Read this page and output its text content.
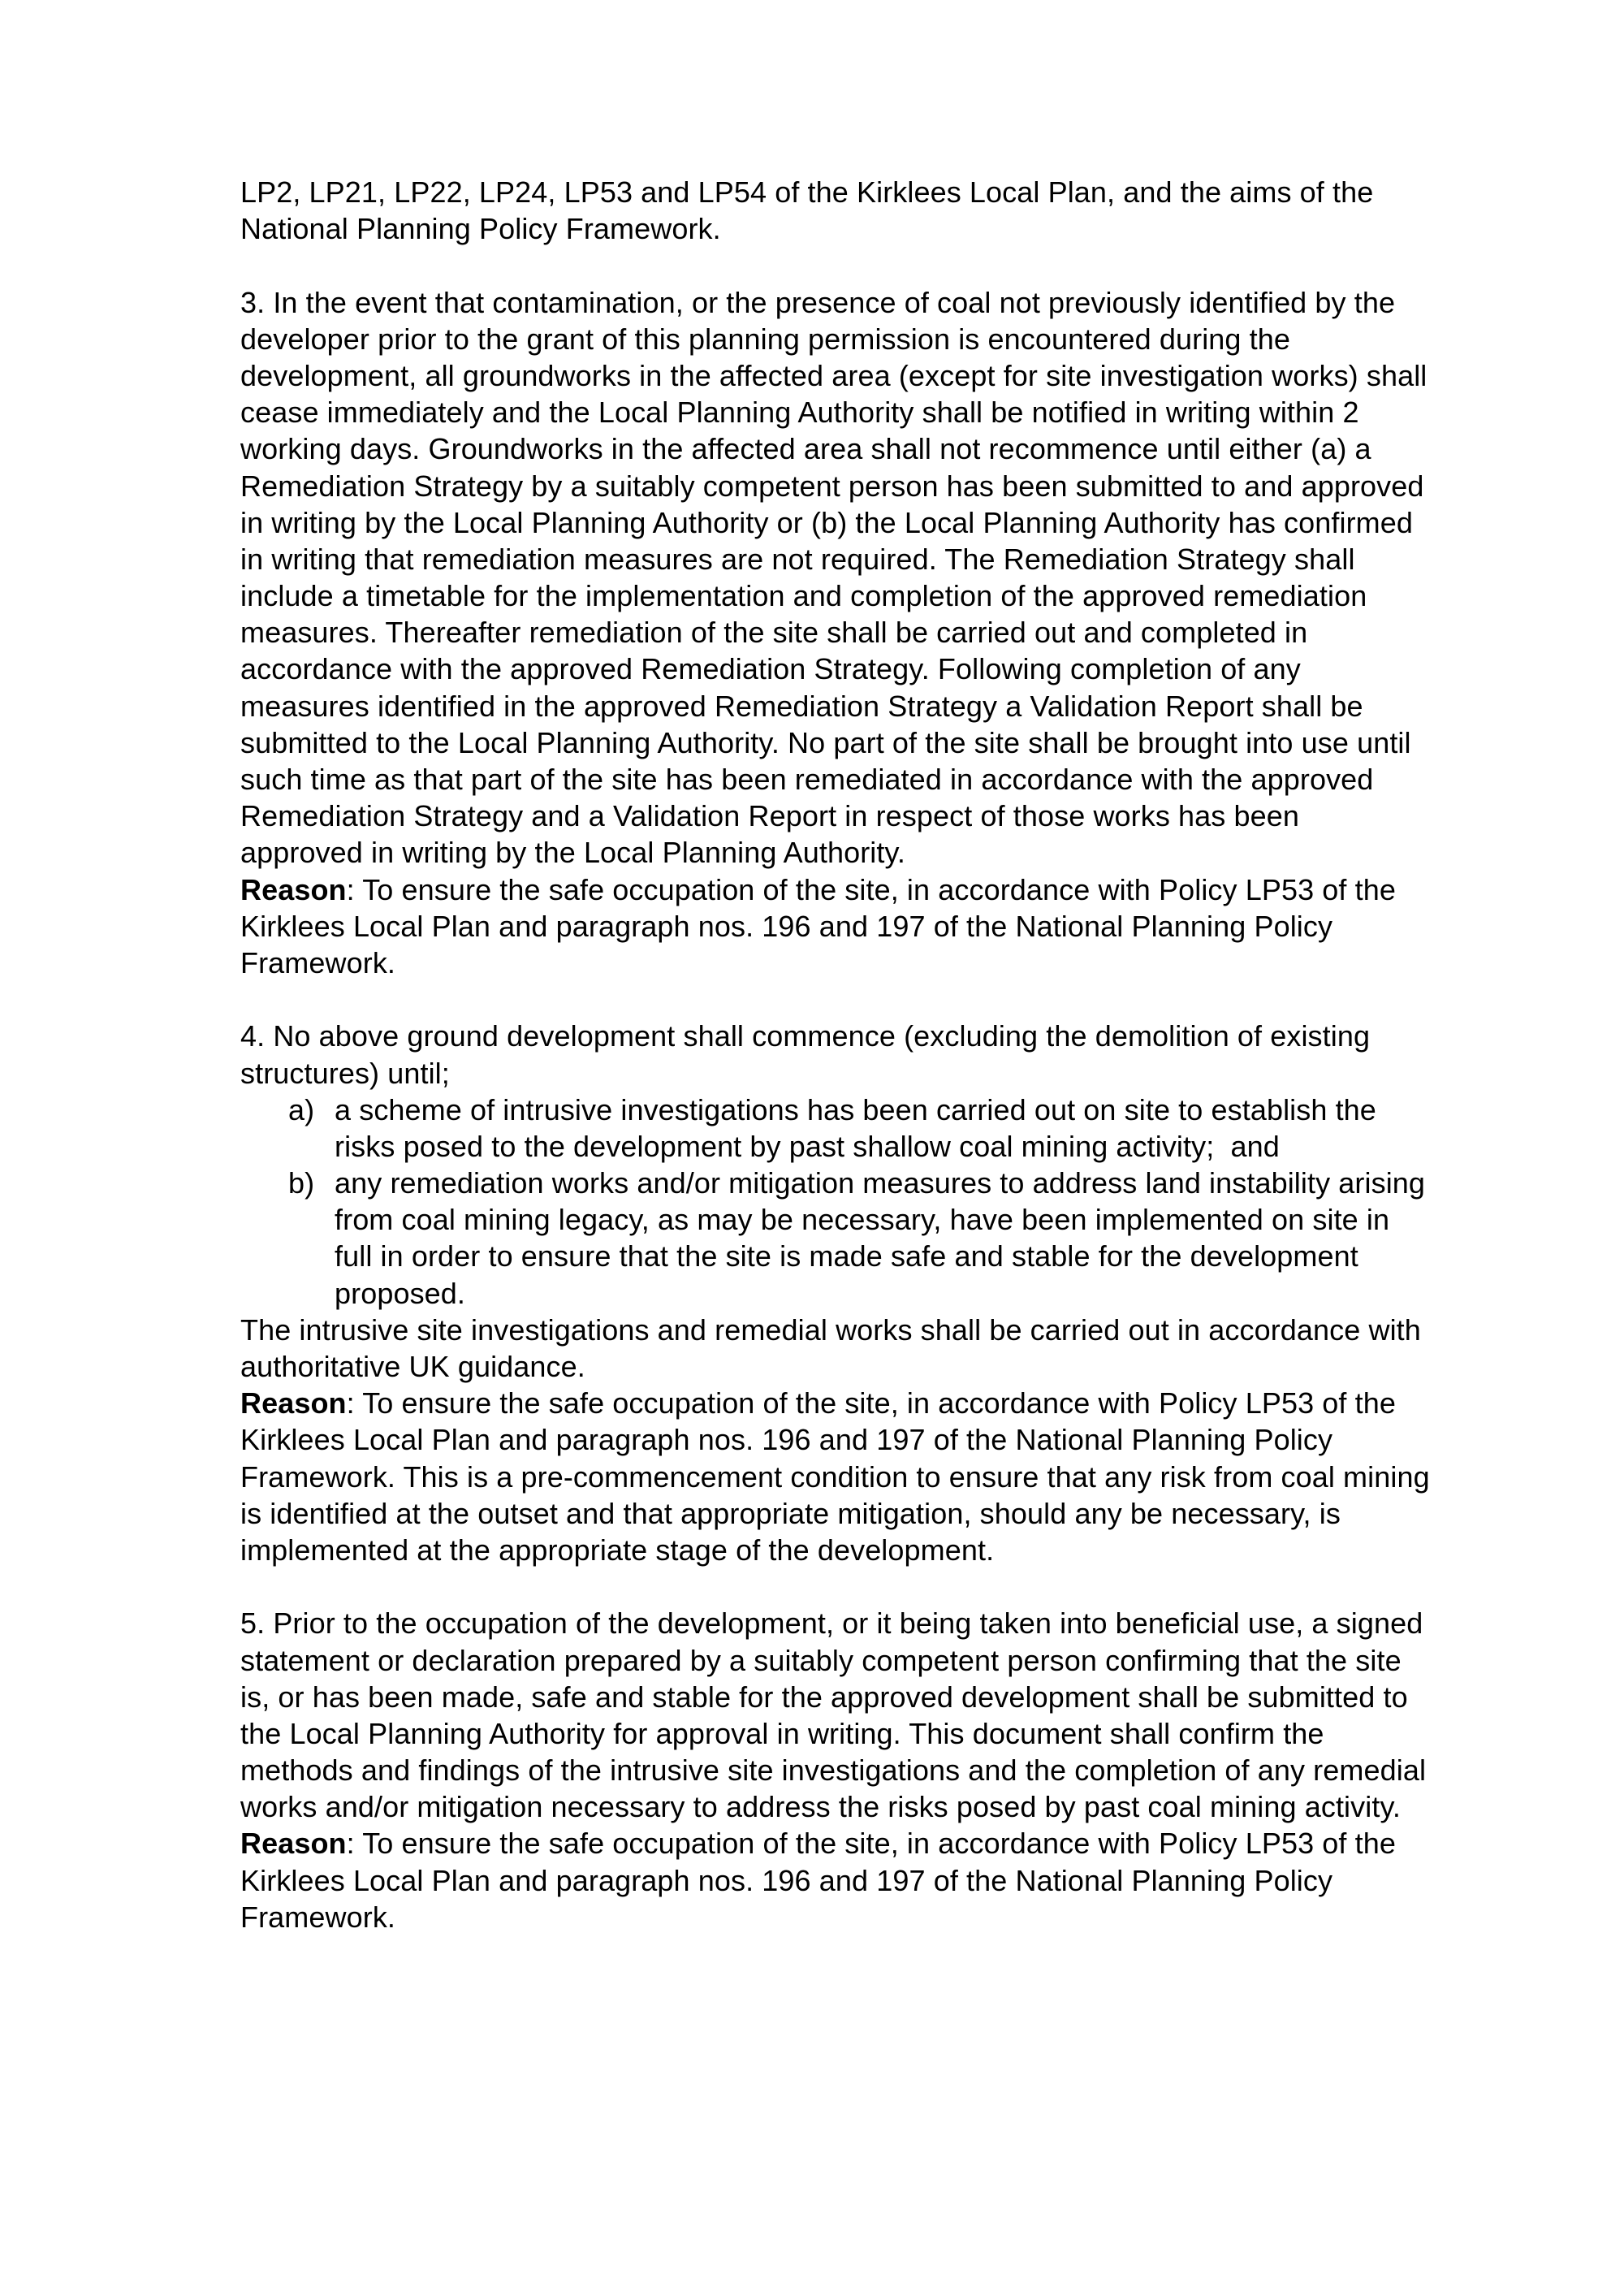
LP2, LP21, LP22, LP24, LP53 and LP54 of the Kirklees Local Plan, and the aims of the
National Planning Policy Framework.
3. In the event that contamination, or the presence of coal not previously identified by the
developer prior to the grant of this planning permission is encountered during the
development, all groundworks in the affected area (except for site investigation works) shall
cease immediately and the Local Planning Authority shall be notified in writing within 2
working days. Groundworks in the affected area shall not recommence until either (a) a
Remediation Strategy by a suitably competent person has been submitted to and approved
in writing by the Local Planning Authority or (b) the Local Planning Authority has confirmed
in writing that remediation measures are not required. The Remediation Strategy shall
include a timetable for the implementation and completion of the approved remediation
measures. Thereafter remediation of the site shall be carried out and completed in
accordance with the approved Remediation Strategy. Following completion of any
measures identified in the approved Remediation Strategy a Validation Report shall be
submitted to the Local Planning Authority. No part of the site shall be brought into use until
such time as that part of the site has been remediated in accordance with the approved
Remediation Strategy and a Validation Report in respect of those works has been
approved in writing by the Local Planning Authority.
Reason: To ensure the safe occupation of the site, in accordance with Policy LP53 of the
Kirklees Local Plan and paragraph nos. 196 and 197 of the National Planning Policy
Framework.
4. No above ground development shall commence (excluding the demolition of existing
structures) until;
a) a scheme of intrusive investigations has been carried out on site to establish the
risks posed to the development by past shallow coal mining activity;  and
b) any remediation works and/or mitigation measures to address land instability arising
from coal mining legacy, as may be necessary, have been implemented on site in
full in order to ensure that the site is made safe and stable for the development
proposed.
The intrusive site investigations and remedial works shall be carried out in accordance with
authoritative UK guidance.
Reason: To ensure the safe occupation of the site, in accordance with Policy LP53 of the
Kirklees Local Plan and paragraph nos. 196 and 197 of the National Planning Policy
Framework. This is a pre-commencement condition to ensure that any risk from coal mining
is identified at the outset and that appropriate mitigation, should any be necessary, is
implemented at the appropriate stage of the development.
5. Prior to the occupation of the development, or it being taken into beneficial use, a signed
statement or declaration prepared by a suitably competent person confirming that the site
is, or has been made, safe and stable for the approved development shall be submitted to
the Local Planning Authority for approval in writing. This document shall confirm the
methods and findings of the intrusive site investigations and the completion of any remedial
works and/or mitigation necessary to address the risks posed by past coal mining activity.
Reason: To ensure the safe occupation of the site, in accordance with Policy LP53 of the
Kirklees Local Plan and paragraph nos. 196 and 197 of the National Planning Policy
Framework.
